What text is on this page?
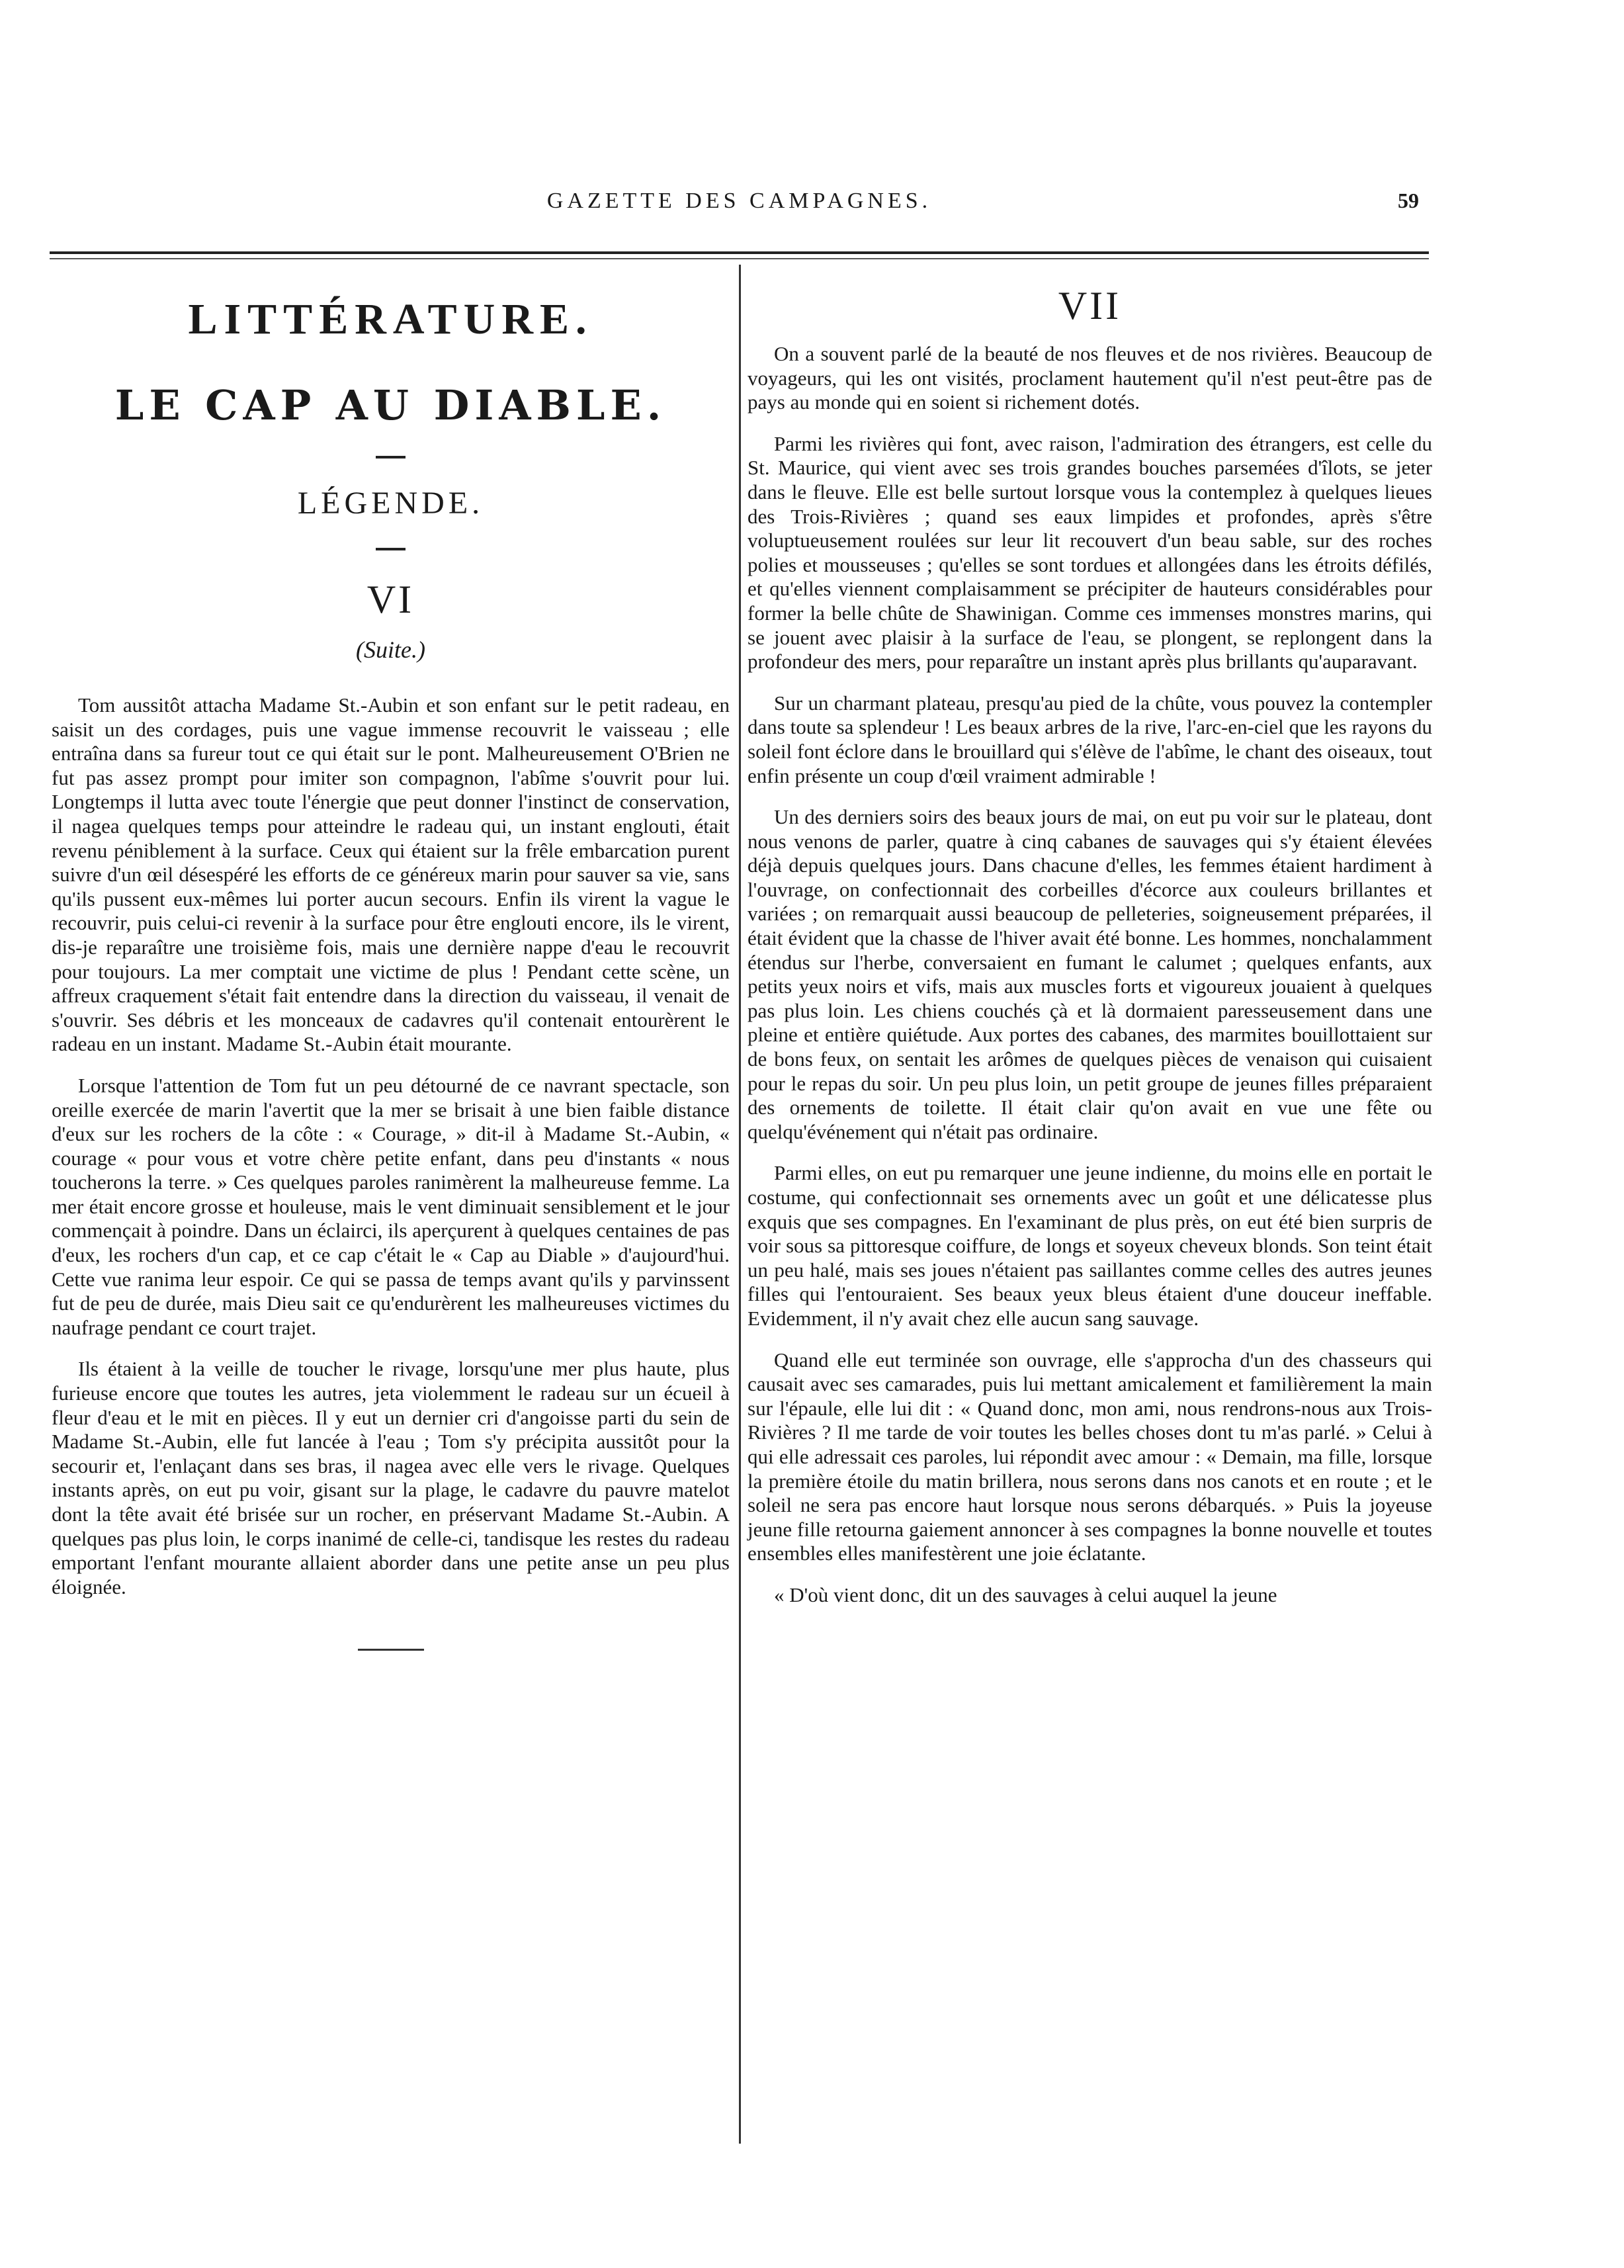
GAZETTE DES CAMPAGNES.	59
LITTÉRATURE.
LE CAP AU DIABLE.
LÉGENDE.
VI
(Suite.)

Tom aussitôt attacha Madame St.-Aubin et son enfant sur le petit radeau, en saisit un des cordages, puis une vague immense recouvrit le vaisseau ; elle entraîna dans sa fureur tout ce qui était sur le pont. Malheureusement O'Brien ne fut pas assez prompt pour imiter son compagnon, l'abîme s'ouvrit pour lui. Longtemps il lutta avec toute l'énergie que peut donner l'instinct de conservation, il nagea quelques temps pour atteindre le radeau qui, un instant englouti, était revenu péniblement à la surface. Ceux qui étaient sur la frêle embarcation purent suivre d'un œil désespéré les efforts de ce généreux marin pour sauver sa vie, sans qu'ils pussent eux-mêmes lui porter aucun secours. Enfin ils virent la vague le recouvrir, puis celui-ci revenir à la surface pour être englouti encore, ils le virent, dis-je reparaître une troisième fois, mais une dernière nappe d'eau le recouvrit pour toujours. La mer comptait une victime de plus ! Pendant cette scène, un affreux craquement s'était fait entendre dans la direction du vaisseau, il venait de s'ouvrir. Ses débris et les monceaux de cadavres qu'il contenait entourèrent le radeau en un instant. Madame St.-Aubin était mourante.

Lorsque l'attention de Tom fut un peu détourné de ce navrant spectacle, son oreille exercée de marin l'avertit que la mer se brisait à une bien faible distance d'eux sur les rochers de la côte : « Courage, » dit-il à Madame St.-Aubin, « courage « pour vous et votre chère petite enfant, dans peu d'instants « nous toucherons la terre. » Ces quelques paroles ranimèrent la malheureuse femme. La mer était encore grosse et houleuse, mais le vent diminuait sensiblement et le jour commençait à poindre. Dans un éclairci, ils aperçurent à quelques centaines de pas d'eux, les rochers d'un cap, et ce cap c'était le « Cap au Diable » d'aujourd'hui. Cette vue ranima leur espoir. Ce qui se passa de temps avant qu'ils y parvinssent fut de peu de durée, mais Dieu sait ce qu'endurèrent les malheureuses victimes du naufrage pendant ce court trajet.

Ils étaient à la veille de toucher le rivage, lorsqu'une mer plus haute, plus furieuse encore que toutes les autres, jeta violemment le radeau sur un écueil à fleur d'eau et le mit en pièces. Il y eut un dernier cri d'angoisse parti du sein de Madame St.-Aubin, elle fut lancée à l'eau ; Tom s'y précipita aussitôt pour la secourir et, l'enlaçant dans ses bras, il nagea avec elle vers le rivage. Quelques instants après, on eut pu voir, gisant sur la plage, le cadavre du pauvre matelot dont la tête avait été brisée sur un rocher, en préservant Madame St.-Aubin. A quelques pas plus loin, le corps inanimé de celle-ci, tandisque les restes du radeau emportant l'enfant mourante allaient aborder dans une petite anse un peu plus éloignée.

VII

On a souvent parlé de la beauté de nos fleuves et de nos rivières. Beaucoup de voyageurs, qui les ont visités, proclament hautement qu'il n'est peut-être pas de pays au monde qui en soient si richement dotés.

Parmi les rivières qui font, avec raison, l'admiration des étrangers, est celle du St. Maurice, qui vient avec ses trois grandes bouches parsemées d'îlots, se jeter dans le fleuve. Elle est belle surtout lorsque vous la contemplez à quelques lieues des Trois-Rivières ; quand ses eaux limpides et profondes, après s'être voluptueusement roulées sur leur lit recouvert d'un beau sable, sur des roches polies et mousseuses ; qu'elles se sont tordues et allongées dans les étroits défilés, et qu'elles viennent complaisamment se précipiter de hauteurs considérables pour former la belle chûte de Shawinigan. Comme ces immenses monstres marins, qui se jouent avec plaisir à la surface de l'eau, se plongent, se replongent dans la profondeur des mers, pour reparaître un instant après plus brillants qu'auparavant.

Sur un charmant plateau, presqu'au pied de la chûte, vous pouvez la contempler dans toute sa splendeur ! Les beaux arbres de la rive, l'arc-en-ciel que les rayons du soleil font éclore dans le brouillard qui s'élève de l'abîme, le chant des oiseaux, tout enfin présente un coup d'œil vraiment admirable !

Un des derniers soirs des beaux jours de mai, on eut pu voir sur le plateau, dont nous venons de parler, quatre à cinq cabanes de sauvages qui s'y étaient élevées déjà depuis quelques jours. Dans chacune d'elles, les femmes étaient hardiment à l'ouvrage, on confectionnait des corbeilles d'écorce aux couleurs brillantes et variées ; on remarquait aussi beaucoup de pelleteries, soigneusement préparées, il était évident que la chasse de l'hiver avait été bonne. Les hommes, nonchalamment étendus sur l'herbe, conversaient en fumant le calumet ; quelques enfants, aux petits yeux noirs et vifs, mais aux muscles forts et vigoureux jouaient à quelques pas plus loin. Les chiens couchés çà et là dormaient paresseusement dans une pleine et entière quiétude. Aux portes des cabanes, des marmites bouillottaient sur de bons feux, on sentait les arômes de quelques pièces de venaison qui cuisaient pour le repas du soir. Un peu plus loin, un petit groupe de jeunes filles préparaient des ornements de toilette. Il était clair qu'on avait en vue une fête ou quelqu'événement qui n'était pas ordinaire.

Parmi elles, on eut pu remarquer une jeune indienne, du moins elle en portait le costume, qui confectionnait ses ornements avec un goût et une délicatesse plus exquis que ses compagnes. En l'examinant de plus près, on eut été bien surpris de voir sous sa pittoresque coiffure, de longs et soyeux cheveux blonds. Son teint était un peu halé, mais ses joues n'étaient pas saillantes comme celles des autres jeunes filles qui l'entouraient. Ses beaux yeux bleus étaient d'une douceur ineffable. Evidemment, il n'y avait chez elle aucun sang sauvage.

Quand elle eut terminée son ouvrage, elle s'approcha d'un des chasseurs qui causait avec ses camarades, puis lui mettant amicalement et familièrement la main sur l'épaule, elle lui dit : « Quand donc, mon ami, nous rendrons-nous aux Trois-Rivières ? Il me tarde de voir toutes les belles choses dont tu m'as parlé. » Celui à qui elle adressait ces paroles, lui répondit avec amour : « Demain, ma fille, lorsque la première étoile du matin brillera, nous serons dans nos canots et en route ; et le soleil ne sera pas encore haut lorsque nous serons débarqués. » Puis la joyeuse jeune fille retourna gaiement annoncer à ses compagnes la bonne nouvelle et toutes ensembles elles manifestèrent une joie éclatante.

« D'où vient donc, dit un des sauvages à celui auquel la jeune
